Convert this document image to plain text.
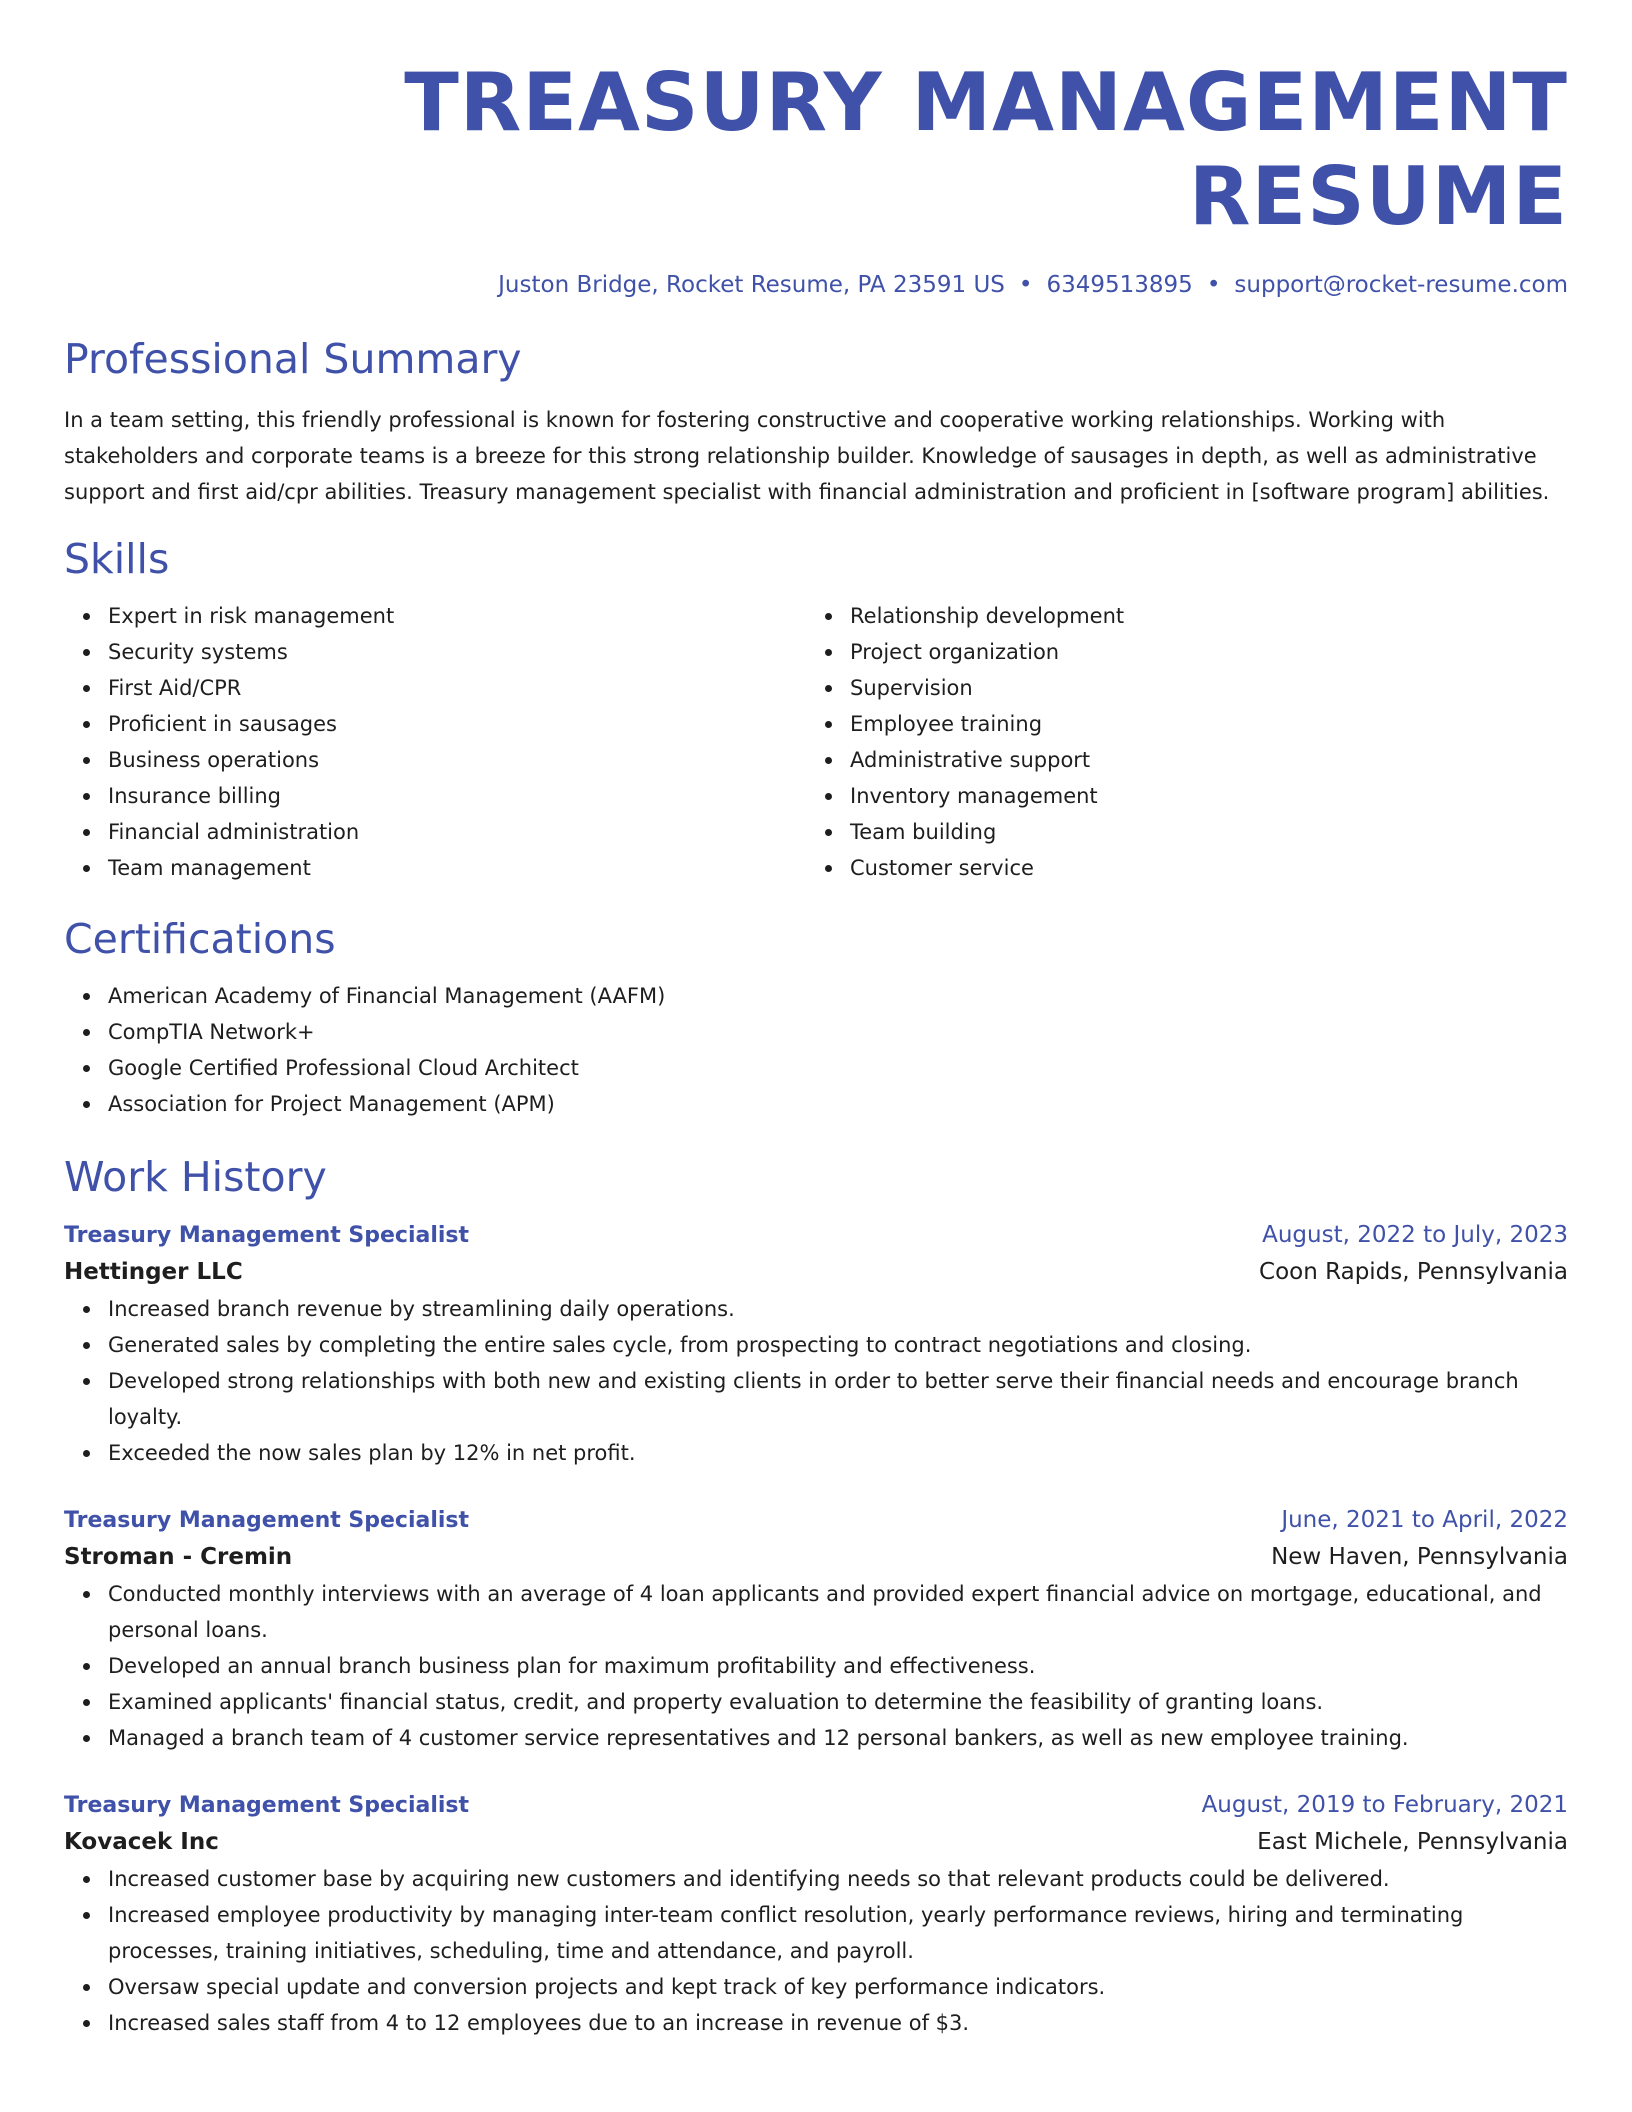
TREASURY MANAGEMENT RESUME
Juston Bridge, Rocket Resume, PA 23591 US • 6349513895 • support@rocket-resume.com
Professional Summary

In a team setting, this friendly professional is known for fostering constructive and cooperative working relationships. Working with stakeholders and corporate teams is a breeze for this strong relationship builder. Knowledge of sausages in depth, as well as administrative support and first aid/cpr abilities. Treasury management specialist with financial administration and proficient in [software program] abilities.

Skills
Expert in risk management
Security systems
First Aid/CPR
Proficient in sausages
Business operations
Insurance billing
Financial administration
Team management
Relationship development
Project organization
Supervision
Employee training
Administrative support
Inventory management
Team building
Customer service
Certifications
American Academy of Financial Management (AAFM)
CompTIA Network+
Google Certified Professional Cloud Architect
Association for Project Management (APM)
Work History
Treasury Management Specialist	August, 2022 to July, 2023
Hettinger LLC	Coon Rapids, Pennsylvania
Increased branch revenue by streamlining daily operations.
Generated sales by completing the entire sales cycle, from prospecting to contract negotiations and closing.
Developed strong relationships with both new and existing clients in order to better serve their financial needs and encourage branch loyalty.
Exceeded the now sales plan by 12% in net profit.
Treasury Management Specialist	June, 2021 to April, 2022
Stroman - Cremin	New Haven, Pennsylvania
Conducted monthly interviews with an average of 4 loan applicants and provided expert financial advice on mortgage, educational, and personal loans.
Developed an annual branch business plan for maximum profitability and effectiveness.
Examined applicants' financial status, credit, and property evaluation to determine the feasibility of granting loans.
Managed a branch team of 4 customer service representatives and 12 personal bankers, as well as new employee training.
Treasury Management Specialist	August, 2019 to February, 2021
Kovacek Inc	East Michele, Pennsylvania
Increased customer base by acquiring new customers and identifying needs so that relevant products could be delivered.
Increased employee productivity by managing inter-team conflict resolution, yearly performance reviews, hiring and terminating processes, training initiatives, scheduling, time and attendance, and payroll.
Oversaw special update and conversion projects and kept track of key performance indicators.
Increased sales staff from 4 to 12 employees due to an increase in revenue of $3.
